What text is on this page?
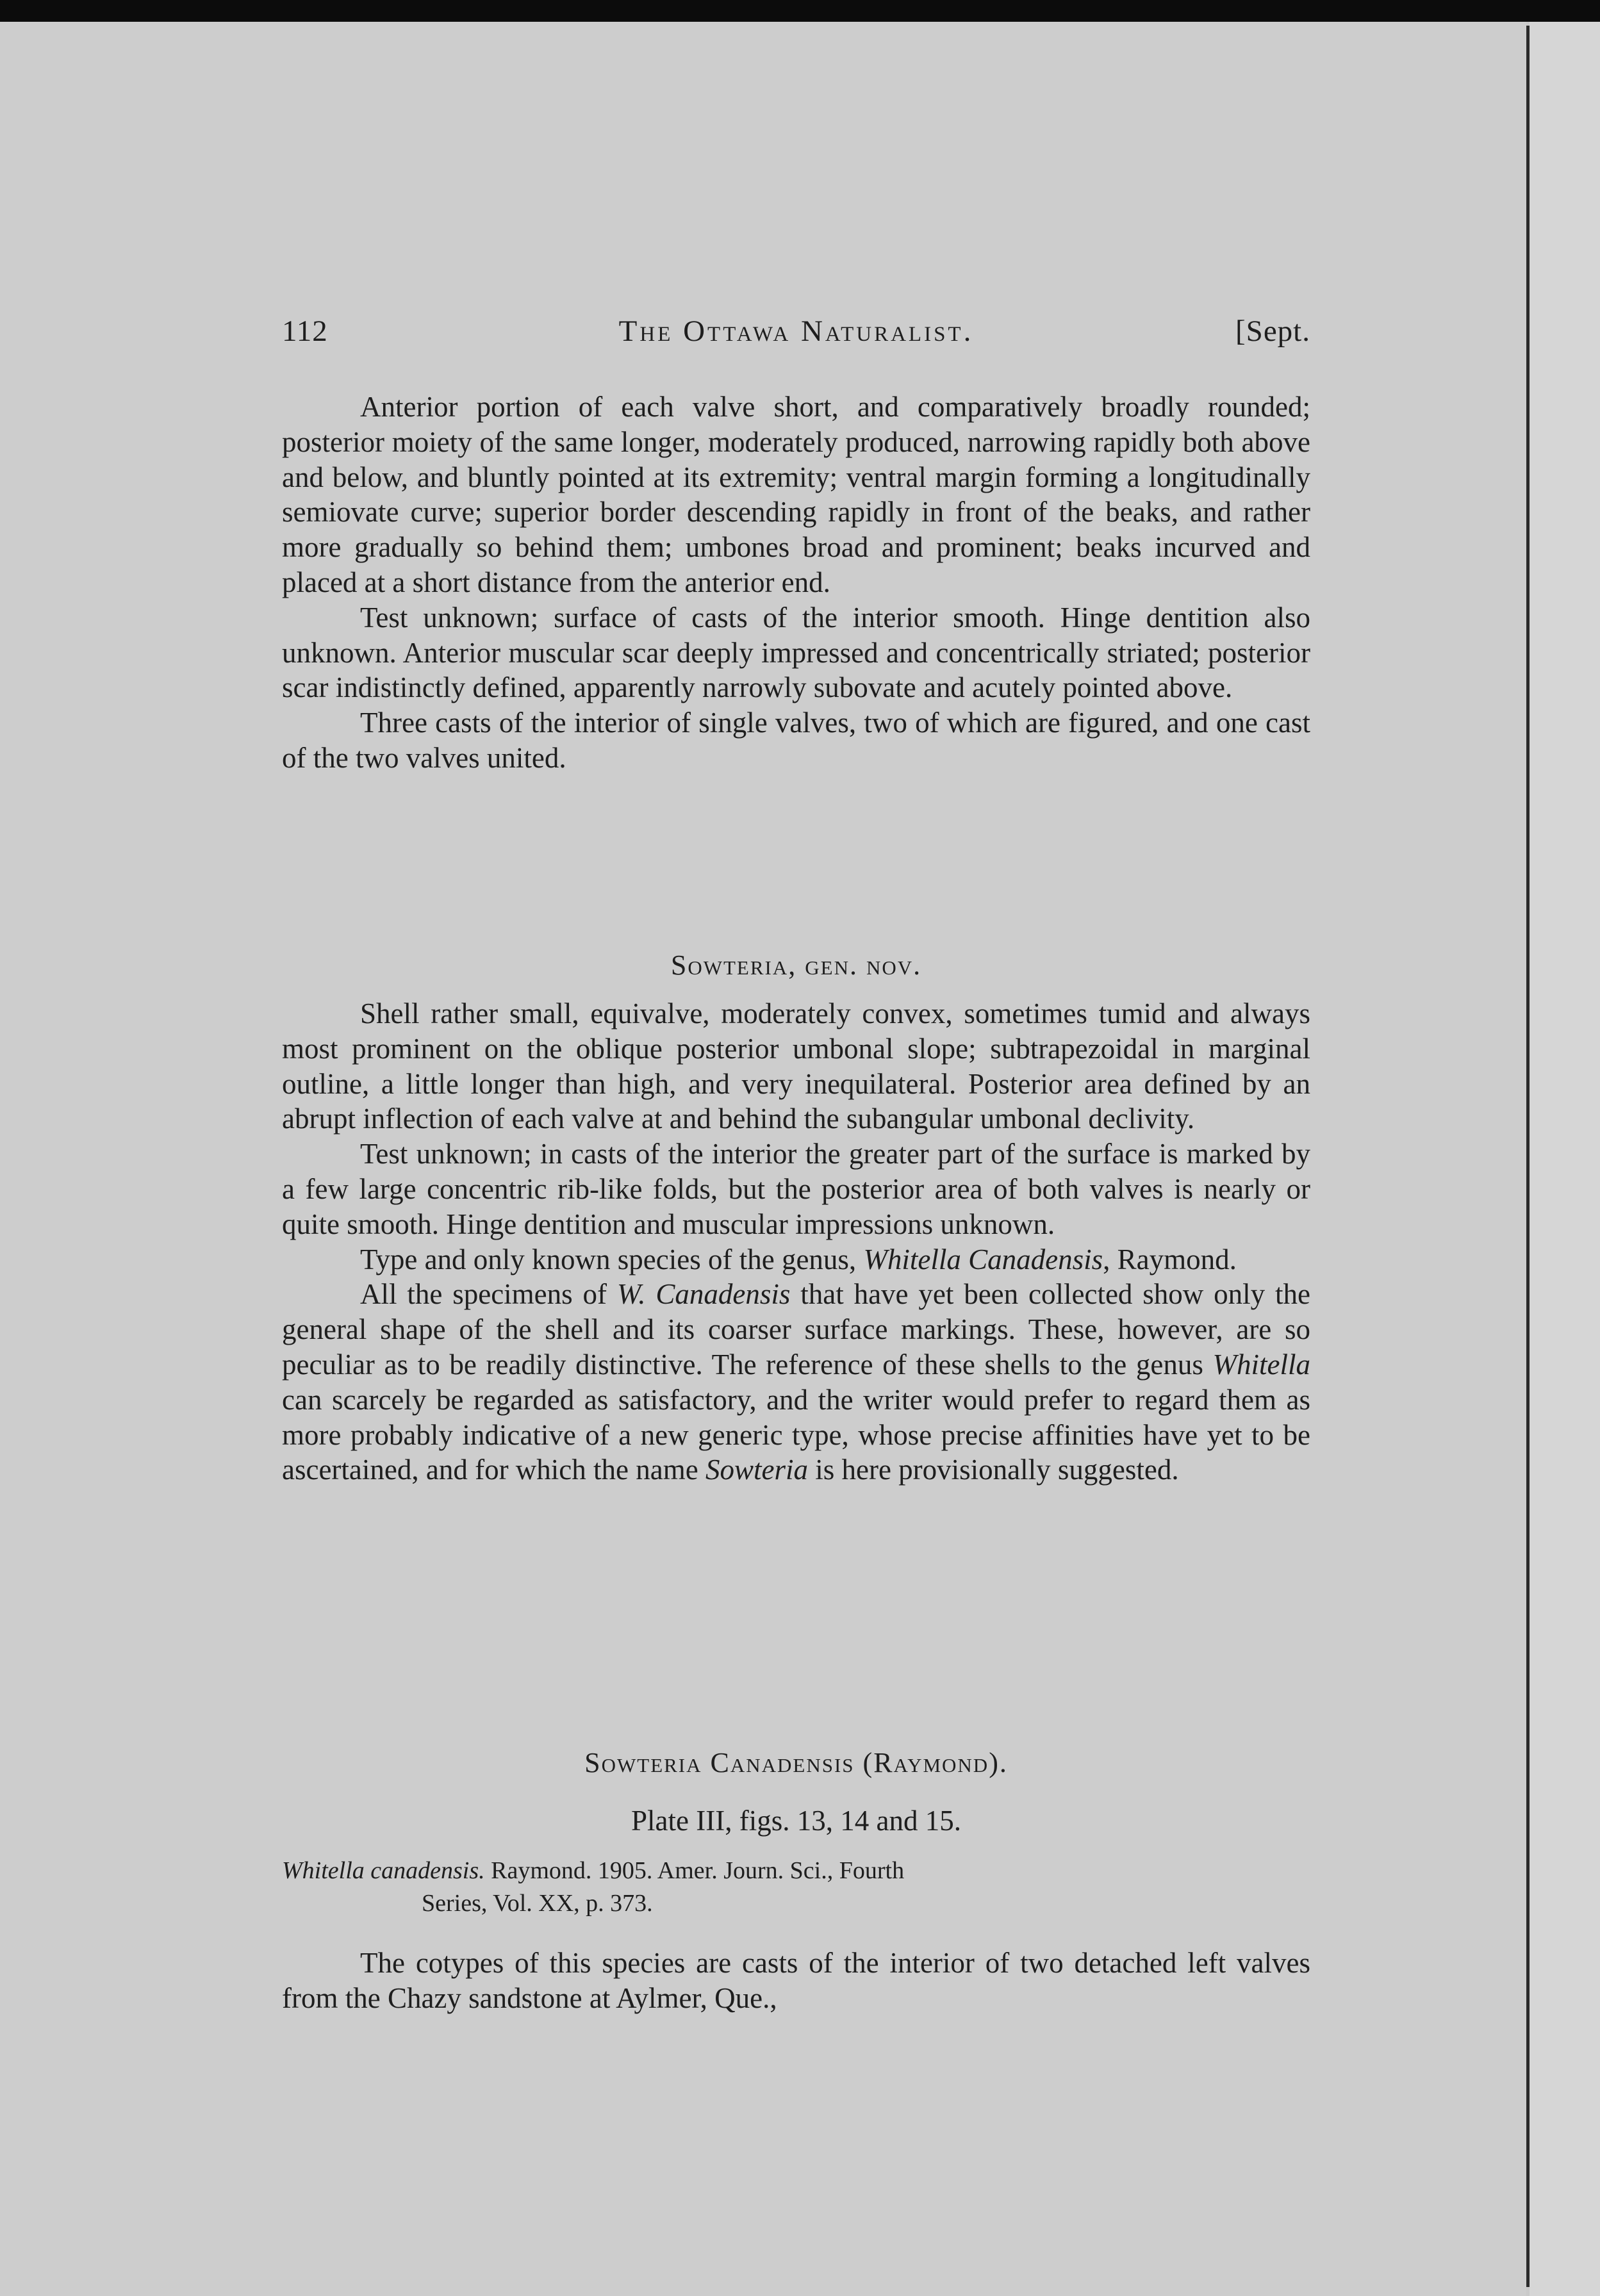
112	The Ottawa Naturalist.	[Sept.

Anterior portion of each valve short, and comparatively broadly rounded; posterior moiety of the same longer, moderately produced, narrowing rapidly both above and below, and bluntly pointed at its extremity; ventral margin forming a longitudinally semiovate curve; superior border descending rapidly in front of the beaks, and rather more gradually so behind them; umbones broad and prominent; beaks incurved and placed at a short distance from the anterior end.

Test unknown; surface of casts of the interior smooth. Hinge dentition also unknown. Anterior muscular scar deeply impressed and concentrically striated; posterior scar indistinctly defined, apparently narrowly subovate and acutely pointed above.

Three casts of the interior of single valves, two of which are figured, and one cast of the two valves united.

Sowteria, gen. nov.

Shell rather small, equivalve, moderately convex, sometimes tumid and always most prominent on the oblique posterior umbonal slope; subtrapezoidal in marginal outline, a little longer than high, and very inequilateral. Posterior area defined by an abrupt inflection of each valve at and behind the subangular umbonal declivity.

Test unknown; in casts of the interior the greater part of the surface is marked by a few large concentric rib-like folds, but the posterior area of both valves is nearly or quite smooth. Hinge dentition and muscular impressions unknown.

Type and only known species of the genus, Whitella Canadensis, Raymond.

All the specimens of W. Canadensis that have yet been collected show only the general shape of the shell and its coarser surface markings. These, however, are so peculiar as to be readily distinctive. The reference of these shells to the genus Whitella can scarcely be regarded as satisfactory, and the writer would prefer to regard them as more probably indicative of a new generic type, whose precise affinities have yet to be ascertained, and for which the name Sowteria is here provisionally suggested.

Sowteria Canadensis (Raymond).

Plate III, figs. 13, 14 and 15.

Whitella canadensis. Raymond. 1905. Amer. Journ. Sci., Fourth
Series, Vol. XX, p. 373.

The cotypes of this species are casts of the interior of two detached left valves from the Chazy sandstone at Aylmer, Que.,
